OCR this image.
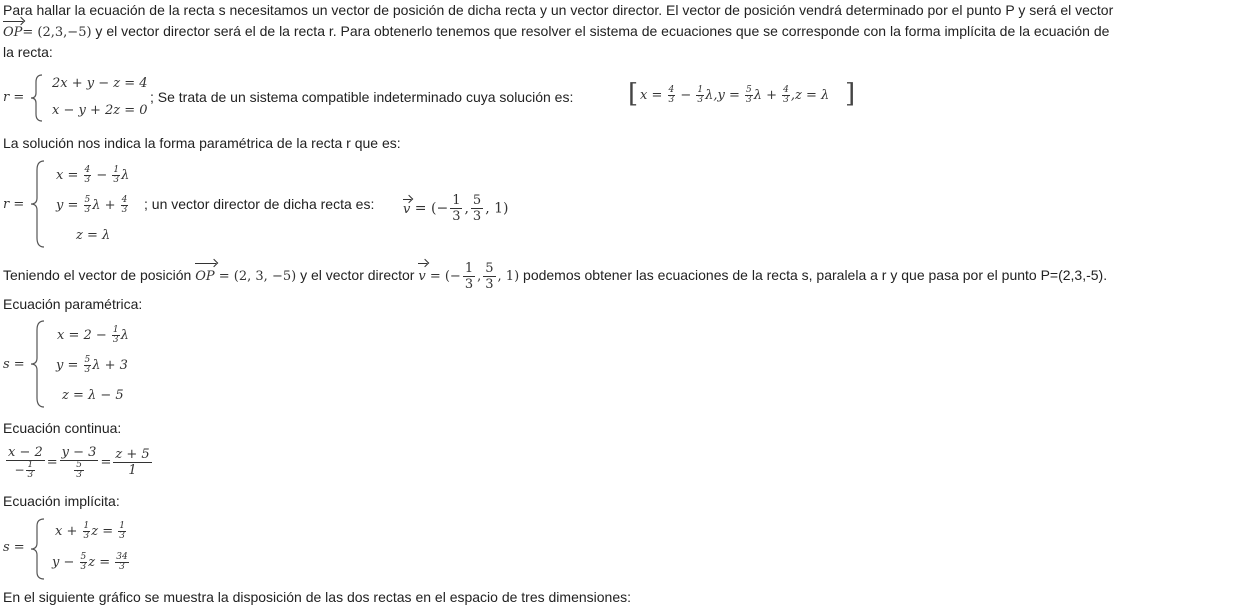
Para hallar la ecuación de la recta s necesitamos un vector de posición de dicha recta y un vector director. El vector de posición vendrá determinado por el punto P y será el vector
OP= (2,3,−5) y el vector director será el de la recta r. Para obtenerlo tenemos que resolver el sistema de ecuaciones que se corresponde con la forma implícita de la ecuación de
la recta:
r =
2x + y − z = 4
x − y + 2z = 0
; Se trata de un sistema compatible indeterminado cuya solución es: [ $x = \frac{4}{3} - \frac{1}{3} \lambda,y = \frac{5}{3}$ $\lambda + \frac{4}{3} ,z = \lambda$ ]
La solución nos indica la forma paramétrica de la recta r que es:
r =
$x = \frac{4}{3} - \frac{1}{3}$ λ
$y = \frac{5}{3}$ $\lambda + \frac{4}{3}$
z = λ
; un vector director de dicha recta es: v = (− $\frac{1}{3}$ , $\frac{5}{3}$ , 1)
Teniendo el vector de posición OP = (2, 3, −5) y el vector director v = (− $\frac{1}{3}$ , $\frac{5}{3}$ , 1) podemos obtener las ecuaciones de la recta s, paralela a r y que pasa por el punto P=(2,3,-5).
Ecuación paramétrica:
s =
$x = 2 - \frac{1}{3}$ λ
$y = \frac{5}{3}$ λ + 3
z = λ − 5
Ecuación continua:
$\frac{x - 2}{- \frac{1}{3}} = \frac{y - 3}{\frac{5}{3}} = \frac{z + 5}{1}$
Ecuación implícita:
s =
$x + \frac{1}{3}$ $z = \frac{1}{3}$
$y - \frac{5}{3}$ $z = \frac{34}{3}$
En el siguiente gráfico se muestra la disposición de las dos rectas en el espacio de tres dimensiones:
